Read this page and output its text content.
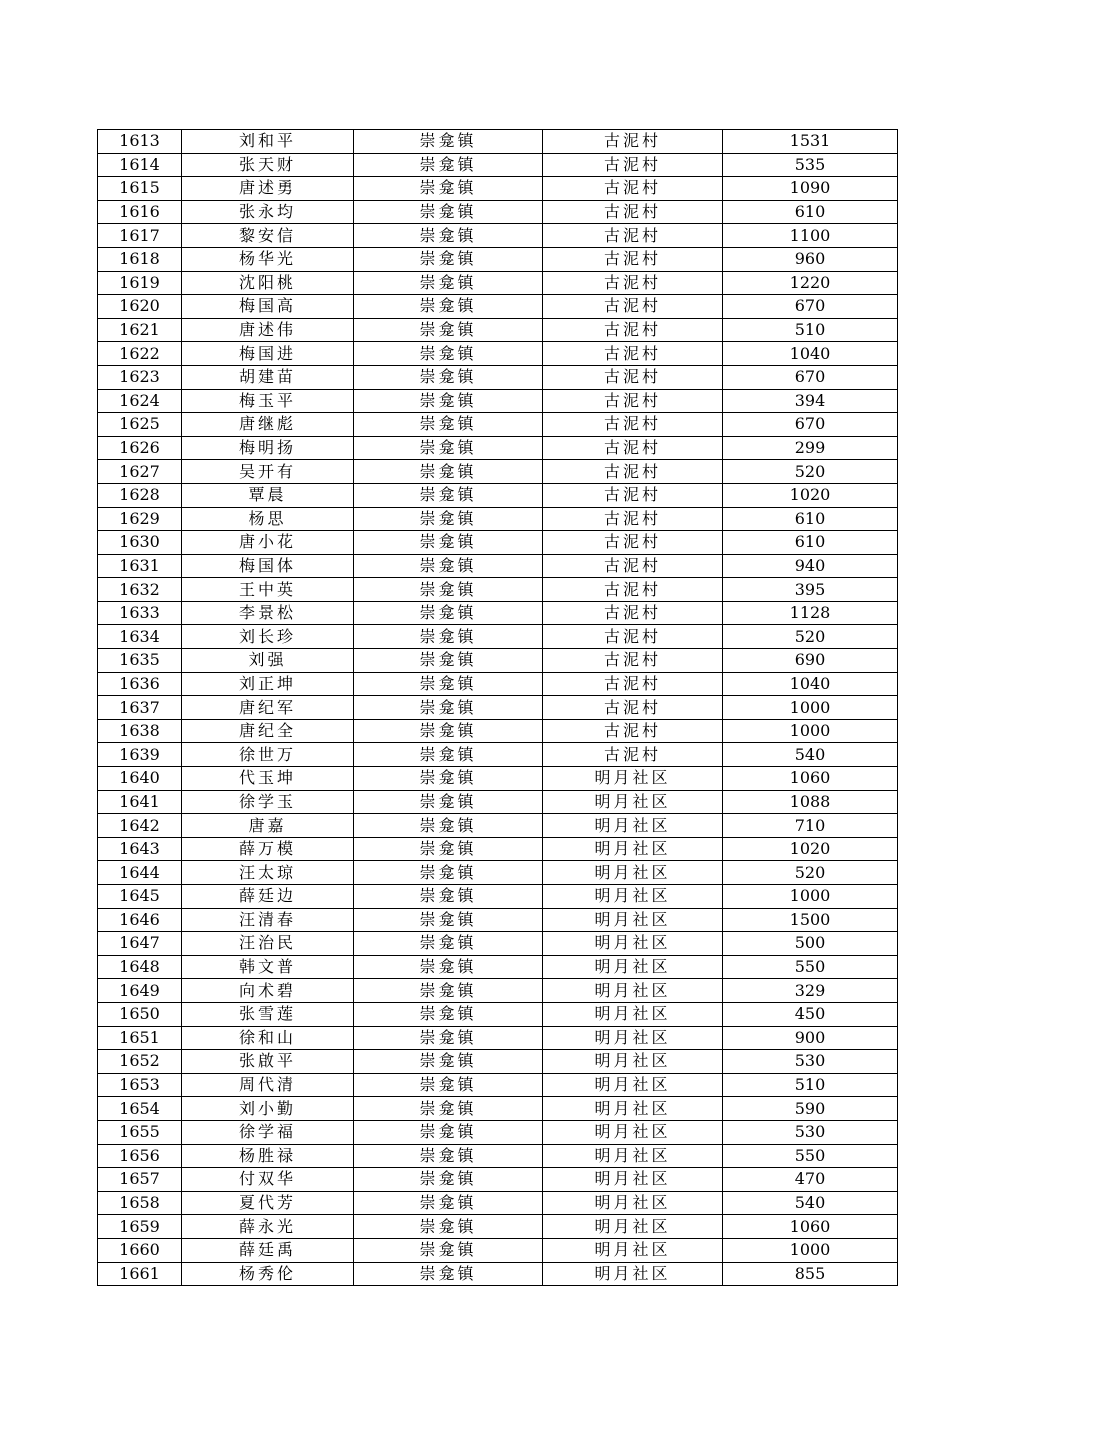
1613	刘和平	崇龛镇	古泥村	1531
1614	张天财	崇龛镇	古泥村	535
1615	唐述勇	崇龛镇	古泥村	1090
1616	张永均	崇龛镇	古泥村	610
1617	黎安信	崇龛镇	古泥村	1100
1618	杨华光	崇龛镇	古泥村	960
1619	沈阳桃	崇龛镇	古泥村	1220
1620	梅国高	崇龛镇	古泥村	670
1621	唐述伟	崇龛镇	古泥村	510
1622	梅国进	崇龛镇	古泥村	1040
1623	胡建苗	崇龛镇	古泥村	670
1624	梅玉平	崇龛镇	古泥村	394
1625	唐继彪	崇龛镇	古泥村	670
1626	梅明扬	崇龛镇	古泥村	299
1627	吴开有	崇龛镇	古泥村	520
1628	覃晨	崇龛镇	古泥村	1020
1629	杨思	崇龛镇	古泥村	610
1630	唐小花	崇龛镇	古泥村	610
1631	梅国体	崇龛镇	古泥村	940
1632	王中英	崇龛镇	古泥村	395
1633	李景松	崇龛镇	古泥村	1128
1634	刘长珍	崇龛镇	古泥村	520
1635	刘强	崇龛镇	古泥村	690
1636	刘正坤	崇龛镇	古泥村	1040
1637	唐纪军	崇龛镇	古泥村	1000
1638	唐纪全	崇龛镇	古泥村	1000
1639	徐世万	崇龛镇	古泥村	540
1640	代玉坤	崇龛镇	明月社区	1060
1641	徐学玉	崇龛镇	明月社区	1088
1642	唐嘉	崇龛镇	明月社区	710
1643	薛万模	崇龛镇	明月社区	1020
1644	汪太琼	崇龛镇	明月社区	520
1645	薛廷边	崇龛镇	明月社区	1000
1646	汪清春	崇龛镇	明月社区	1500
1647	汪治民	崇龛镇	明月社区	500
1648	韩文普	崇龛镇	明月社区	550
1649	向术碧	崇龛镇	明月社区	329
1650	张雪莲	崇龛镇	明月社区	450
1651	徐和山	崇龛镇	明月社区	900
1652	张啟平	崇龛镇	明月社区	530
1653	周代清	崇龛镇	明月社区	510
1654	刘小勤	崇龛镇	明月社区	590
1655	徐学福	崇龛镇	明月社区	530
1656	杨胜禄	崇龛镇	明月社区	550
1657	付双华	崇龛镇	明月社区	470
1658	夏代芳	崇龛镇	明月社区	540
1659	薛永光	崇龛镇	明月社区	1060
1660	薛廷禹	崇龛镇	明月社区	1000
1661	杨秀伦	崇龛镇	明月社区	855
